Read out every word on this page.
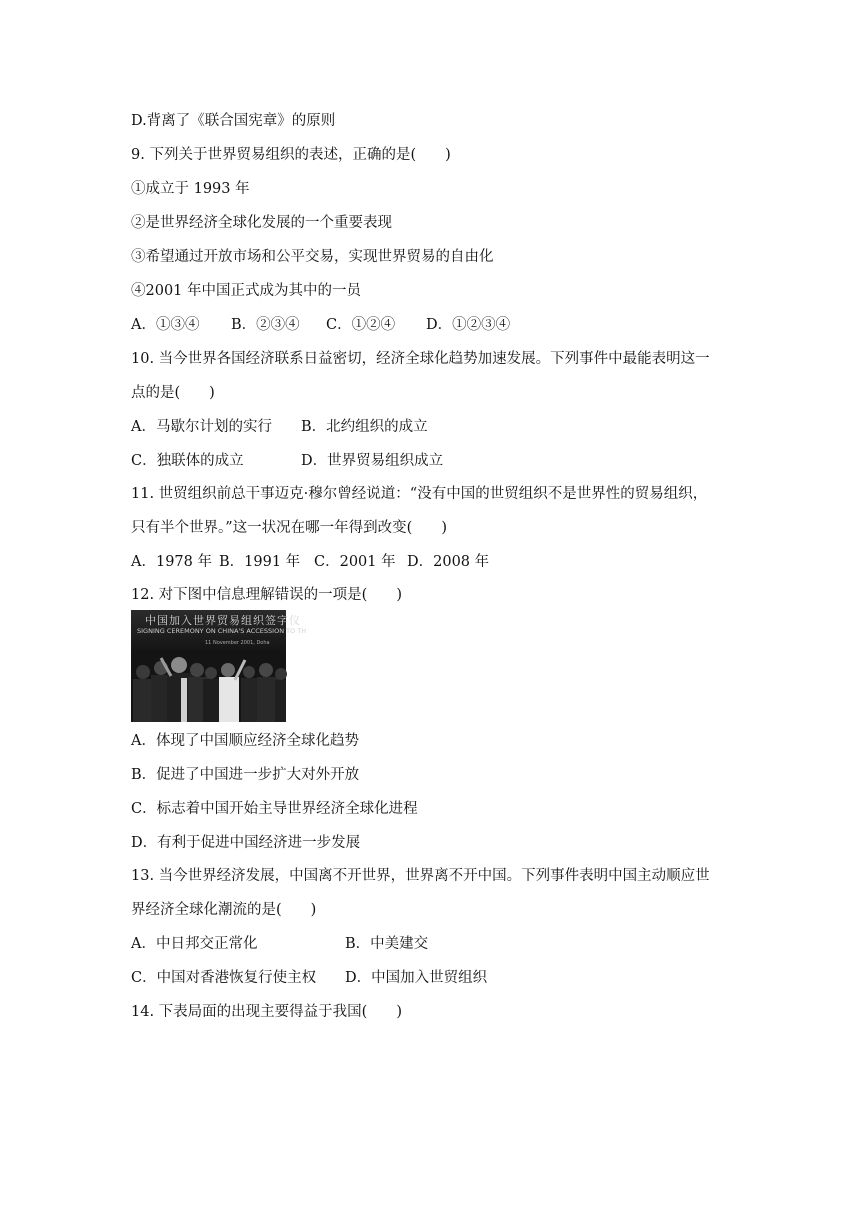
D.背离了《联合国宪章》的原则
9. 下列关于世界贸易组织的表述，正确的是(　　)
①成立于 1993 年
②是世界经济全球化发展的一个重要表现
③希望通过开放市场和公平交易，实现世界贸易的自由化
④2001 年中国正式成为其中的一员
A．①③④ B．②③④ C．①②④ D．①②③④
10. 当今世界各国经济联系日益密切，经济全球化趋势加速发展。下列事件中最能表明这一
点的是(　　)
A．马歇尔计划的实行 B．北约组织的成立
C．独联体的成立	D．世界贸易组织成立
11. 世贸组织前总干事迈克·穆尔曾经说道：“没有中国的世贸组织不是世界性的贸易组织，
只有半个世界。”这一状况在哪一年得到改变(　　)
A．1978 年 B．1991 年 C．2001 年 D．2008 年
12. 对下图中信息理解错误的一项是(　　)
中国加入世界贸易组织签字仪
SIGNING CEREMONY ON CHINA'S ACCESSION TO TH
11 November 2001, Doha
A．体现了中国顺应经济全球化趋势
B．促进了中国进一步扩大对外开放
C．标志着中国开始主导世界经济全球化进程
D．有利于促进中国经济进一步发展
13. 当今世界经济发展，中国离不开世界，世界离不开中国。下列事件表明中国主动顺应世
界经济全球化潮流的是(　　)
A．中日邦交正常化	B．中美建交
C．中国对香港恢复行使主权 D．中国加入世贸组织
14. 下表局面的出现主要得益于我国(　　)
